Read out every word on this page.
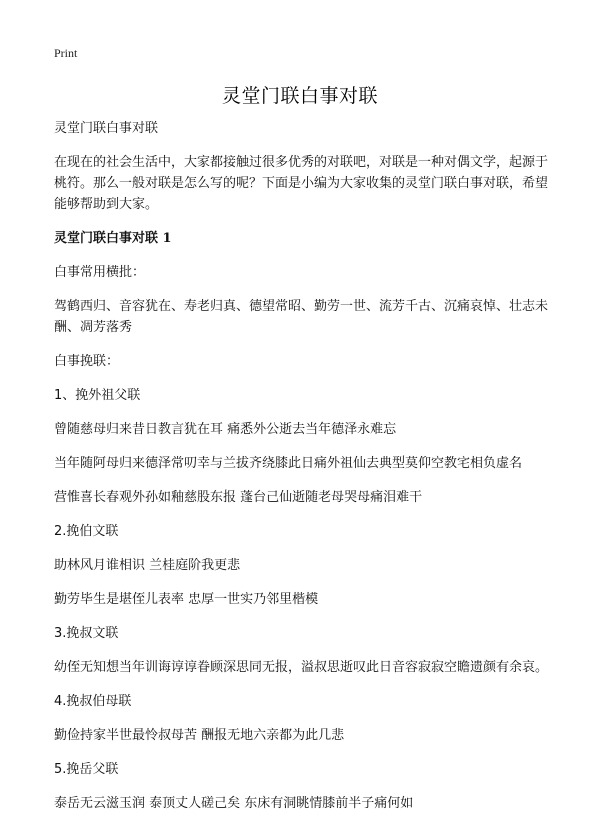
Print
灵堂门联白事对联

灵堂门联白事对联

在现在的社会生活中，大家都接触过很多优秀的对联吧，对联是一种对偶文学，起源于桃符。那么一般对联是怎么写的呢？下面是小编为大家收集的灵堂门联白事对联，希望能够帮助到大家。

灵堂门联白事对联 1

白事常用横批：

驾鹤西归、音容犹在、寿老归真、德望常昭、勤劳一世、流芳千古、沉痛哀悼、壮志未酬、凋芳落秀

白事挽联：

1、挽外祖父联

曾随慈母归来昔日教言犹在耳 痛悉外公逝去当年德泽永难忘

当年随阿母归来德泽常叨幸与兰拔齐绕膝此日痛外祖仙去典型莫仰空教宅相负虚名

营惟喜长春观外孙如釉慈股东报 蓬台己仙逝随老母哭母痛泪难干

2.挽伯文联

助林风月谁相识 兰桂庭阶我更悲

勤劳毕生是堪侄儿表率 忠厚一世实乃邻里楷模

3.挽叔文联

幼侄无知想当年训诲谆谆眷顾深思同无报，溢叔思逝叹此日音容寂寂空瞻遗颜有余哀。

4.挽叔伯母联

勤俭持家半世最怜叔母苦 酬报无地六亲都为此几悲

5.挽岳父联

泰岳无云滋玉润 泰顶丈人磋己矣 东床有洞眺情膝前半子痛何如
